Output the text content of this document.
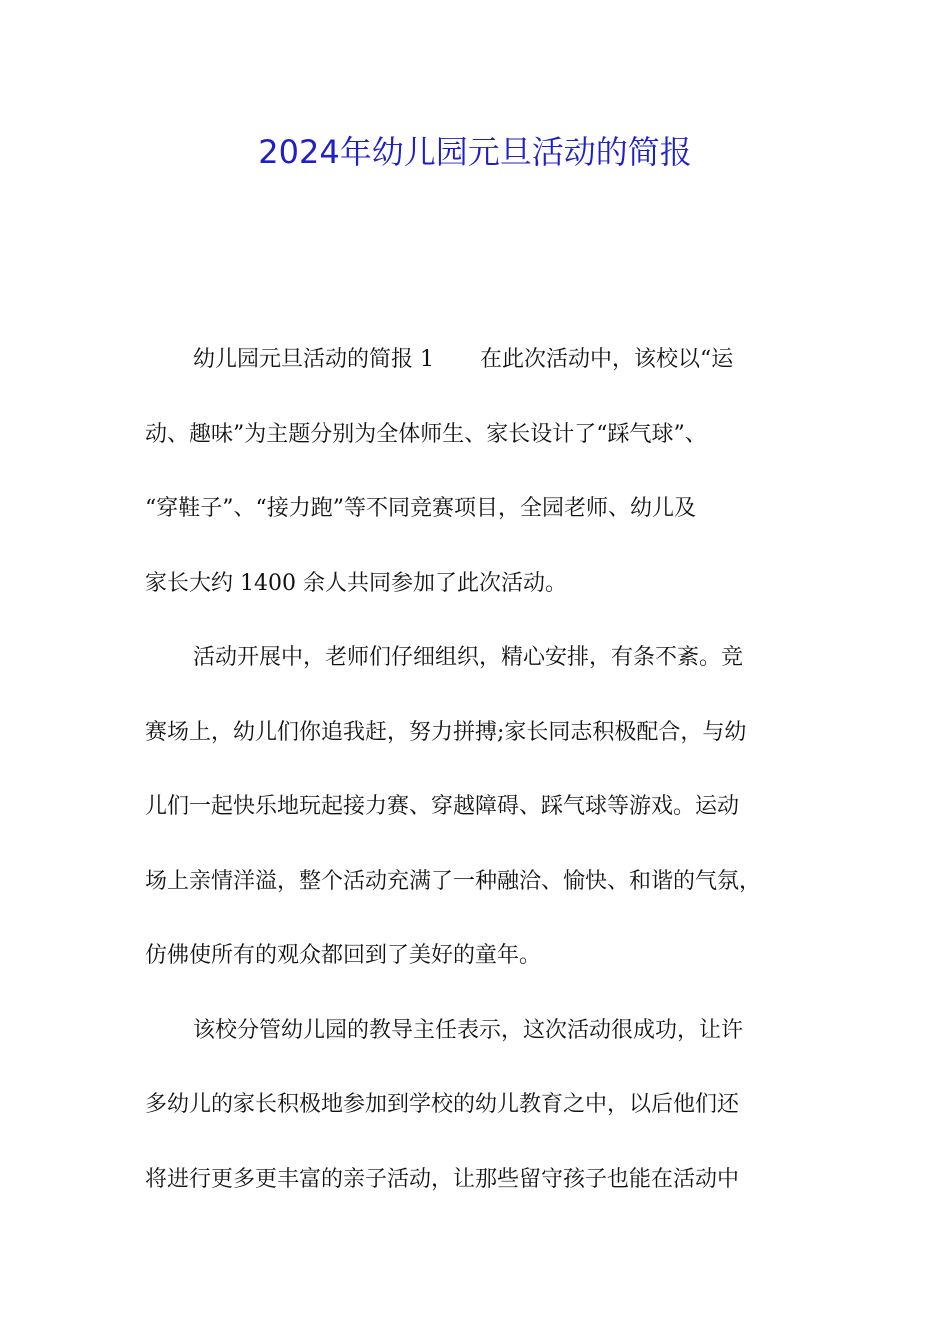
2024年幼儿园元旦活动的简报
幼儿园元旦活动的简报 1 在此次活动中，该校以“运
动、趣味”为主题分别为全体师生、家长设计了“踩气球”、
“穿鞋子”、“接力跑”等不同竞赛项目，全园老师、幼儿及
家长大约 1400 余人共同参加了此次活动。
活动开展中，老师们仔细组织，精心安排，有条不紊。竞
赛场上，幼儿们你追我赶，努力拼搏;家长同志积极配合，与幼
儿们一起快乐地玩起接力赛、穿越障碍、踩气球等游戏。运动
场上亲情洋溢，整个活动充满了一种融洽、愉快、和谐的气氛，
仿佛使所有的观众都回到了美好的童年。
该校分管幼儿园的教导主任表示，这次活动很成功，让许
多幼儿的家长积极地参加到学校的幼儿教育之中，以后他们还
将进行更多更丰富的亲子活动，让那些留守孩子也能在活动中
